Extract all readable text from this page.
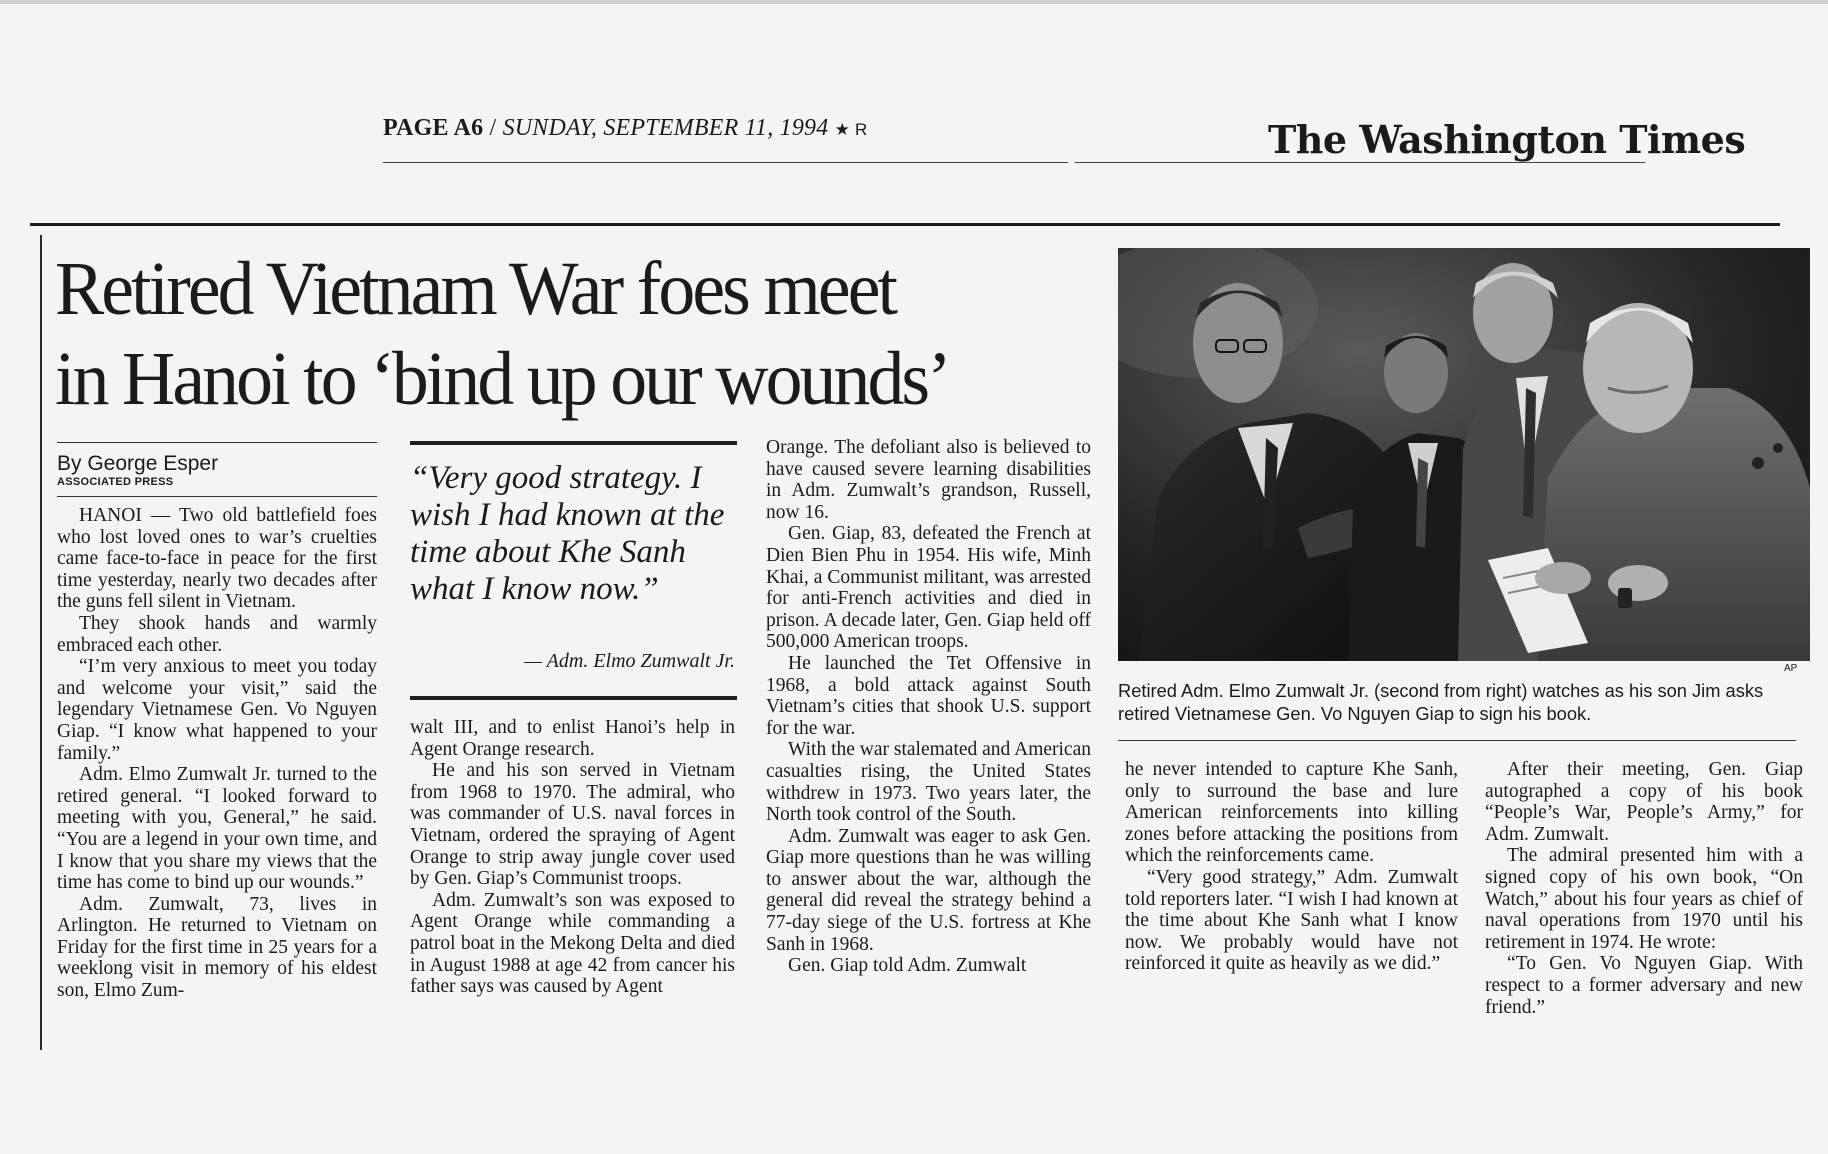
PAGE A6 / SUNDAY, SEPTEMBER 11, 1994 ★ R	The Washington Times
Retired Vietnam War foes meet
in Hanoi to ‘bind up our wounds’
By George Esper
ASSOCIATED PRESS

HANOI — Two old battlefield foes who lost loved ones to war’s cruelties came face-to-face in peace for the first time yesterday, nearly two decades after the guns fell silent in Vietnam.

They shook hands and warmly embraced each other.

“I’m very anxious to meet you today and welcome your visit,” said the legendary Vietnamese Gen. Vo Nguyen Giap. “I know what happened to your family.”

Adm. Elmo Zumwalt Jr. turned to the retired general. “I looked forward to meeting with you, General,” he said. “You are a legend in your own time, and I know that you share my views that the time has come to bind up our wounds.”

Adm. Zumwalt, 73, lives in Arlington. He returned to Vietnam on Friday for the first time in 25 years for a weeklong visit in memory of his eldest son, Elmo Zum-

“Very good strategy. I wish I had known at the time about Khe Sanh what I know now.”
— Adm. Elmo Zumwalt Jr.

walt III, and to enlist Hanoi’s help in Agent Orange research.

He and his son served in Vietnam from 1968 to 1970. The admiral, who was commander of U.S. naval forces in Vietnam, ordered the spraying of Agent Orange to strip away jungle cover used by Gen. Giap’s Communist troops.

Adm. Zumwalt’s son was exposed to Agent Orange while commanding a patrol boat in the Mekong Delta and died in August 1988 at age 42 from cancer his father says was caused by Agent

Orange. The defoliant also is believed to have caused severe learning disabilities in Adm. Zumwalt’s grandson, Russell, now 16.

Gen. Giap, 83, defeated the French at Dien Bien Phu in 1954. His wife, Minh Khai, a Communist militant, was arrested for anti-French activities and died in prison. A decade later, Gen. Giap held off 500,000 American troops.

He launched the Tet Offensive in 1968, a bold attack against South Vietnam’s cities that shook U.S. support for the war.

With the war stalemated and American casualties rising, the United States withdrew in 1973. Two years later, the North took control of the South.

Adm. Zumwalt was eager to ask Gen. Giap more questions than he was willing to answer about the war, although the general did reveal the strategy behind a 77-day siege of the U.S. fortress at Khe Sanh in 1968.

Gen. Giap told Adm. Zumwalt

AP
Retired Adm. Elmo Zumwalt Jr. (second from right) watches as his son Jim asks retired Vietnamese Gen. Vo Nguyen Giap to sign his book.

he never intended to capture Khe Sanh, only to surround the base and lure American reinforcements into killing zones before attacking the positions from which the reinforcements came.

“Very good strategy,” Adm. Zumwalt told reporters later. “I wish I had known at the time about Khe Sanh what I know now. We probably would have not reinforced it quite as heavily as we did.”

After their meeting, Gen. Giap autographed a copy of his book “People’s War, People’s Army,” for Adm. Zumwalt.

The admiral presented him with a signed copy of his own book, “On Watch,” about his four years as chief of naval operations from 1970 until his retirement in 1974. He wrote:

“To Gen. Vo Nguyen Giap. With respect to a former adversary and new friend.”
